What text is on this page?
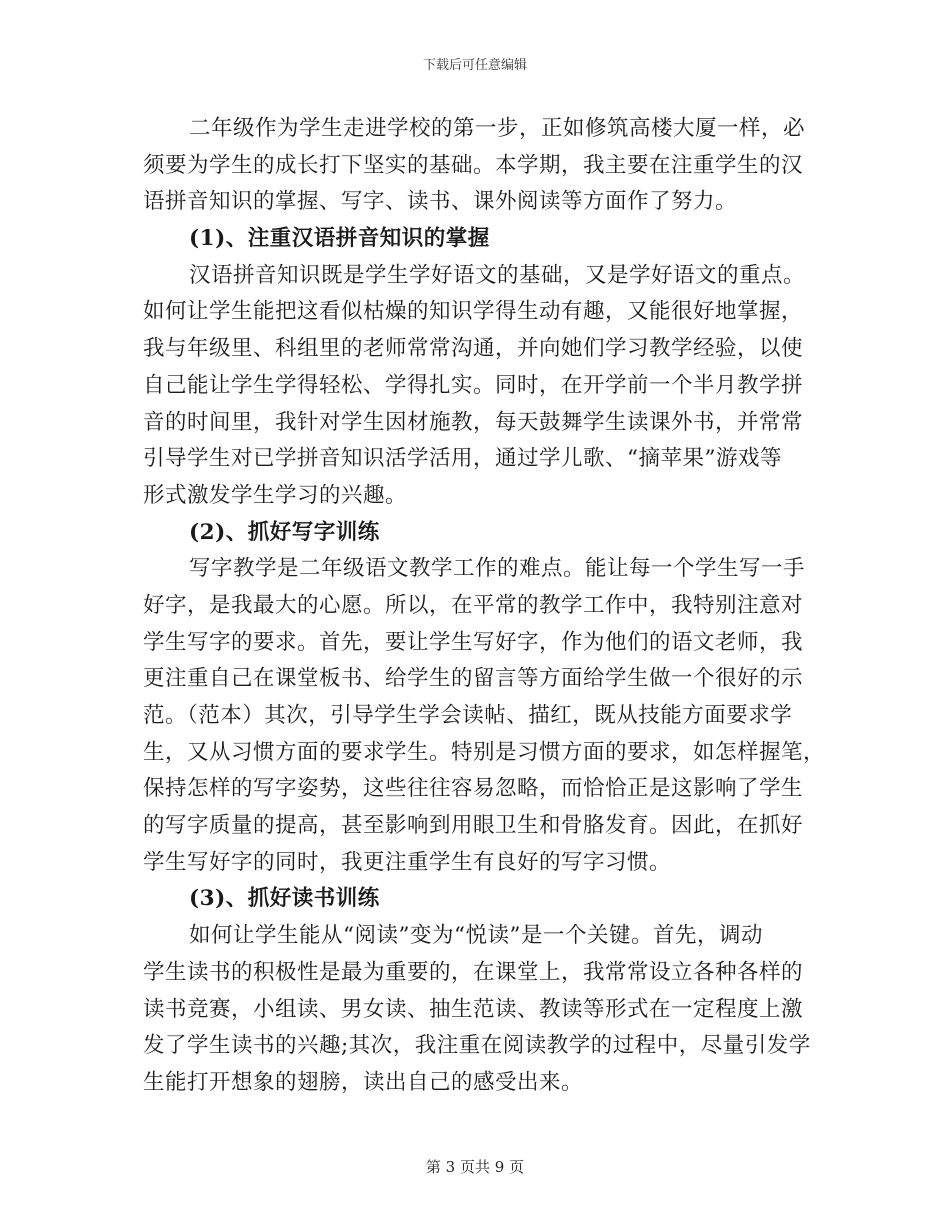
下载后可任意编辑
二年级作为学生走进学校的第一步，正如修筑高楼大厦一样，必
须要为学生的成长打下坚实的基础。本学期，我主要在注重学生的汉
语拼音知识的掌握、写字、读书、课外阅读等方面作了努力。
(1)、注重汉语拼音知识的掌握
汉语拼音知识既是学生学好语文的基础，又是学好语文的重点。
如何让学生能把这看似枯燥的知识学得生动有趣，又能很好地掌握，
我与年级里、科组里的老师常常沟通，并向她们学习教学经验，以使
自己能让学生学得轻松、学得扎实。同时，在开学前一个半月教学拼
音的时间里，我针对学生因材施教，每天鼓舞学生读课外书，并常常
引导学生对已学拼音知识活学活用，通过学儿歌、“摘苹果”游戏等
形式激发学生学习的兴趣。
(2)、抓好写字训练
写字教学是二年级语文教学工作的难点。能让每一个学生写一手
好字，是我最大的心愿。所以，在平常的教学工作中，我特别注意对
学生写字的要求。首先，要让学生写好字，作为他们的语文老师，我
更注重自己在课堂板书、给学生的留言等方面给学生做一个很好的示
范。（范本）其次，引导学生学会读帖、描红，既从技能方面要求学
生，又从习惯方面的要求学生。特别是习惯方面的要求，如怎样握笔，
保持怎样的写字姿势，这些往往容易忽略，而恰恰正是这影响了学生
的写字质量的提高，甚至影响到用眼卫生和骨胳发育。因此，在抓好
学生写好字的同时，我更注重学生有良好的写字习惯。
(3)、抓好读书训练
如何让学生能从“阅读”变为“悦读”是一个关键。首先，调动
学生读书的积极性是最为重要的，在课堂上，我常常设立各种各样的
读书竞赛，小组读、男女读、抽生范读、教读等形式在一定程度上激
发了学生读书的兴趣;其次，我注重在阅读教学的过程中，尽量引发学
生能打开想象的翅膀，读出自己的感受出来。
第 3 页共 9 页
